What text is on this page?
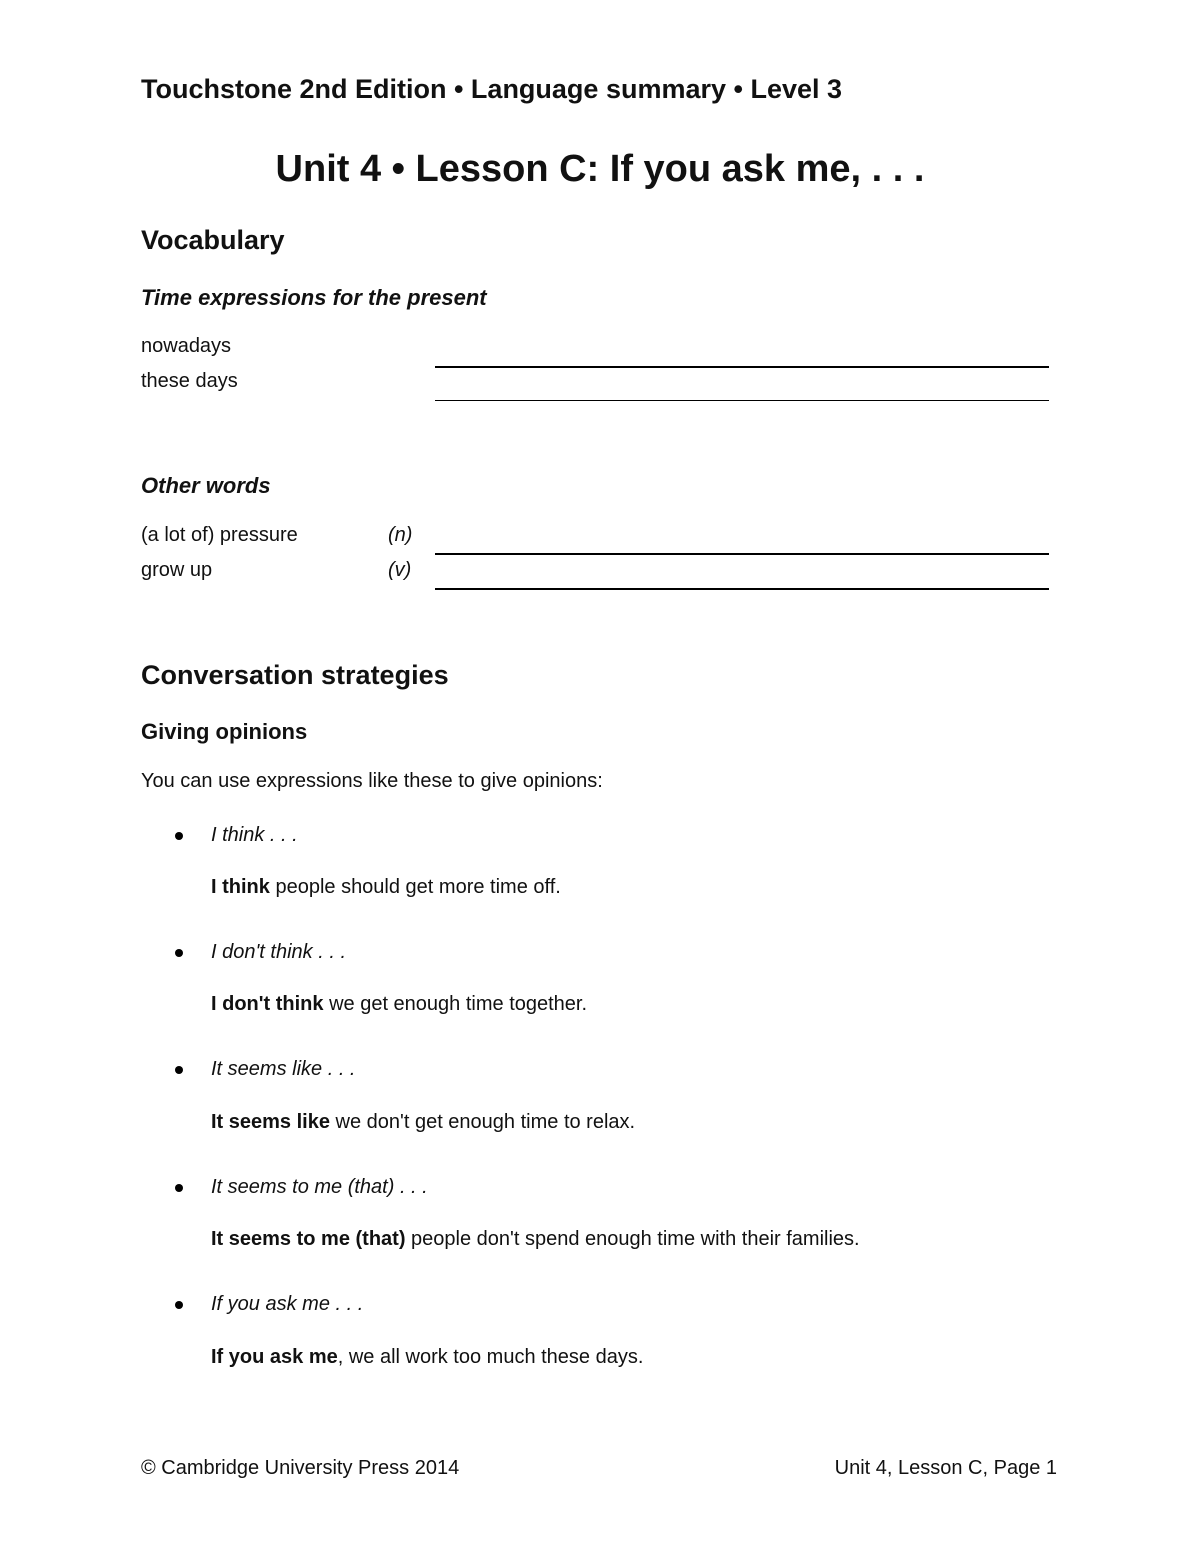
Touchstone 2nd Edition • Language summary • Level 3
Unit 4 • Lesson C: If you ask me, . . .
Vocabulary
Time expressions for the present
nowadays
these days
Other words
(a lot of) pressure	(n)
grow up	(v)
Conversation strategies
Giving opinions
You can use expressions like these to give opinions:
I think . . .
I think people should get more time off.
I don't think . . .
I don't think we get enough time together.
It seems like . . .
It seems like we don't get enough time to relax.
It seems to me (that) . . .
It seems to me (that) people don't spend enough time with their families.
If you ask me . . .
If you ask me, we all work too much these days.
© Cambridge University Press 2014	Unit 4, Lesson C, Page 1
